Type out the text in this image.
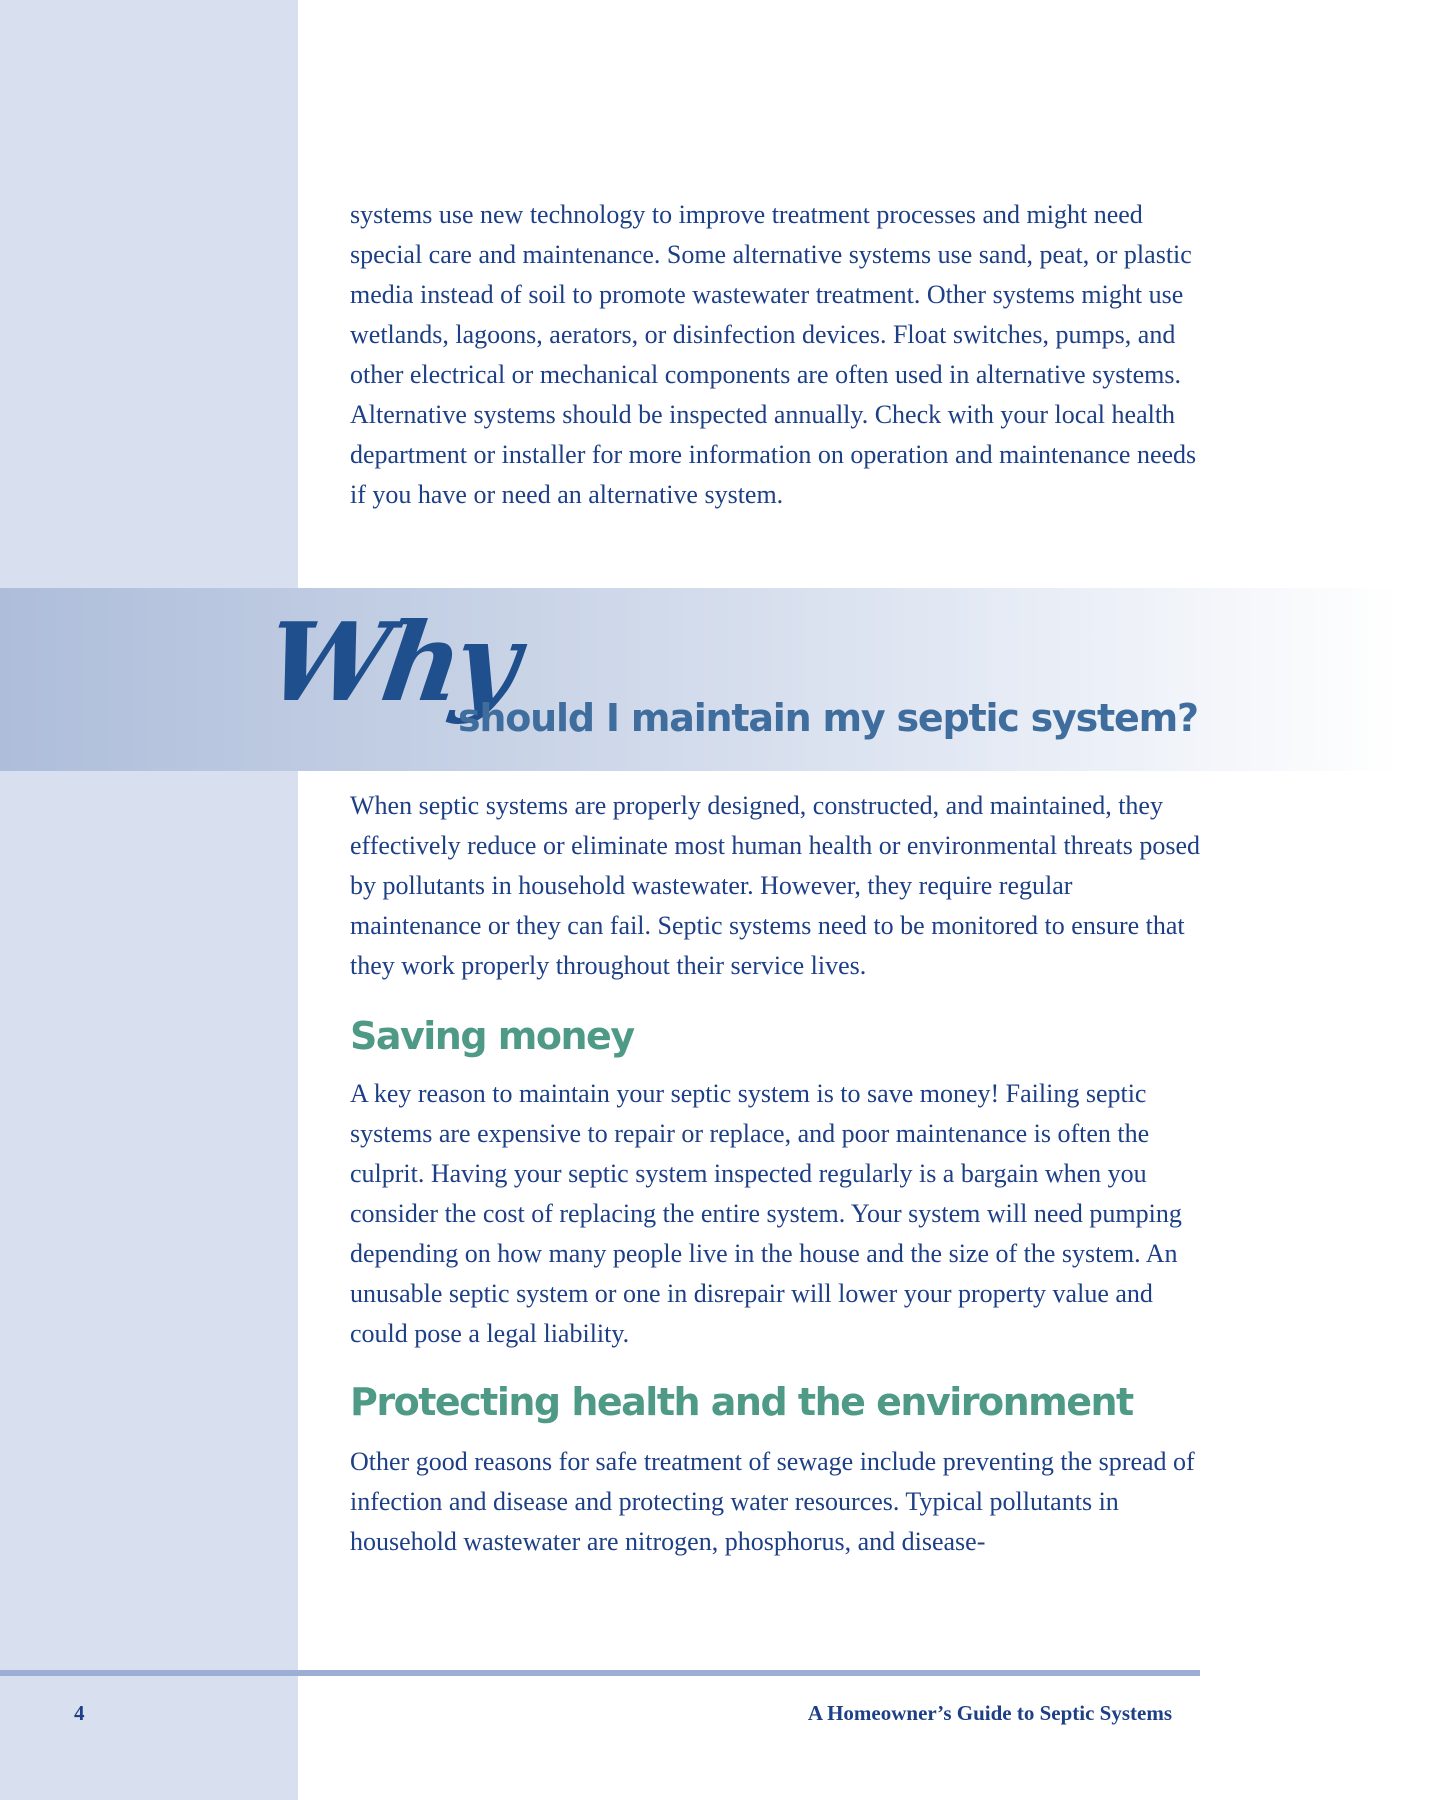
systems use new technology to improve treatment processes and might need special care and maintenance. Some alternative systems use sand, peat, or plastic media instead of soil to promote wastewater treatment. Other systems might use wetlands, lagoons, aerators, or disinfection devices. Float switches, pumps, and other electrical or mechanical components are often used in alternative systems. Alternative systems should be inspected annually. Check with your local health department or installer for more information on operation and maintenance needs if you have or need an alternative system.

Why
should I maintain my septic system?

When septic systems are properly designed, constructed, and maintained, they effectively reduce or eliminate most human health or environmental threats posed by pollutants in household wastewater. However, they require regular maintenance or they can fail. Septic systems need to be monitored to ensure that they work properly throughout their service lives.

Saving money

A key reason to maintain your septic system is to save money! Failing septic systems are expensive to repair or replace, and poor maintenance is often the culprit. Having your septic system inspected regularly is a bargain when you consider the cost of replacing the entire system. Your system will need pumping depending on how many people live in the house and the size of the system. An unusable septic system or one in disrepair will lower your property value and could pose a legal liability.

Protecting health and the environment

Other good reasons for safe treatment of sewage include preventing the spread of infection and disease and protecting water resources. Typical pollutants in household wastewater are nitrogen, phosphorus, and disease-

4	A Homeowner’s Guide to Septic Systems
